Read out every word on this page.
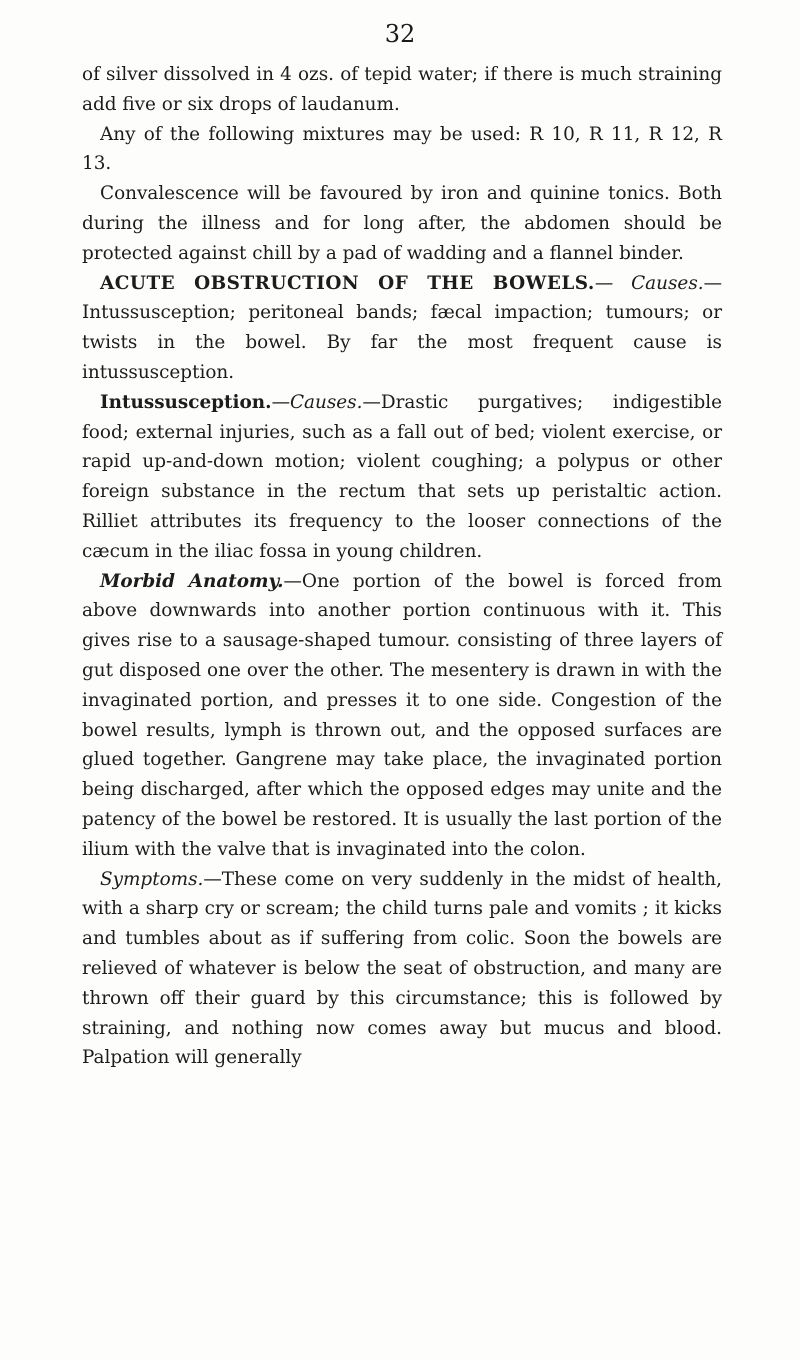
32

of silver dissolved in 4 ozs. of tepid water; if there is much straining add five or six drops of laudanum.

Any of the following mixtures may be used: R 10, R 11, R 12, R 13.

Convalescence will be favoured by iron and quinine tonics. Both during the illness and for long after, the abdomen should be protected against chill by a pad of wadding and a flannel binder.

ACUTE OBSTRUCTION OF THE BOWELS.— Causes.—Intussusception; peritoneal bands; fæcal impaction; tumours; or twists in the bowel. By far the most frequent cause is intussusception.

Intussusception.—Causes.—Drastic purgatives; indigestible food; external injuries, such as a fall out of bed; violent exercise, or rapid up-and-down motion; violent coughing; a polypus or other foreign substance in the rectum that sets up peristaltic action. Rilliet attributes its frequency to the looser connections of the cæcum in the iliac fossa in young children.

Morbid Anatomy.—One portion of the bowel is forced from above downwards into another portion continuous with it. This gives rise to a sausage-shaped tumour. consisting of three layers of gut disposed one over the other. The mesentery is drawn in with the invaginated portion, and presses it to one side. Congestion of the bowel results, lymph is thrown out, and the opposed surfaces are glued together. Gangrene may take place, the invaginated portion being discharged, after which the opposed edges may unite and the patency of the bowel be restored. It is usually the last portion of the ilium with the valve that is invaginated into the colon.

Symptoms.—These come on very suddenly in the midst of health, with a sharp cry or scream; the child turns pale and vomits ; it kicks and tumbles about as if suffering from colic. Soon the bowels are relieved of whatever is below the seat of obstruction, and many are thrown off their guard by this circumstance; this is followed by straining, and nothing now comes away but mucus and blood. Palpation will generally
